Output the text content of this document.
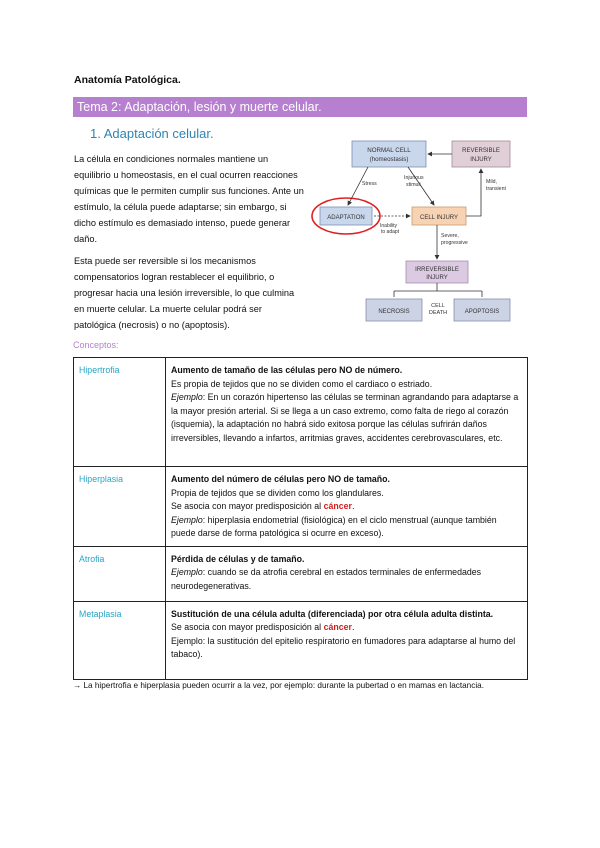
Anatomía Patológica.
Tema 2: Adaptación, lesión y muerte celular.
1. Adaptación celular.

La célula en condiciones normales mantiene un equilibrio u homeostasis, en el cual ocurren reacciones químicas que le permiten cumplir sus funciones. Ante un estímulo, la célula puede adaptarse; sin embargo, si dicho estímulo es demasiado intenso, puede generar daño.

Esta puede ser reversible si los mecanismos compensatorios logran restablecer el equilibrio, o progresar hacia una lesión irreversible, lo que culmina en muerte celular. La muerte celular podrá ser patológica (necrosis) o no (apoptosis).

NORMAL CELL
(homeostasis)
REVERSIBLE
INJURY
ADAPTATION	CELL INJURY
IRREVERSIBLE
INJURY
NECROSIS	APOPTOSIS
CELL
DEATH
Stress
Injurious
stimuli
Inability
to adapt
Mild,
transient
Severe,
progressive
Conceptos:
Hipertrofia	Aumento de tamaño de las células pero NO de número.
Es propia de tejidos que no se dividen como el cardiaco o estriado.
Ejemplo: En un corazón hipertenso las células se terminan agrandando para adaptarse a la mayor presión arterial. Si se llega a un caso extremo, como falta de riego al corazón (isquemia), la adaptación no habrá sido exitosa porque las células sufrirán daños irreversibles, llevando a infartos, arritmias graves, accidentes cerebrovasculares, etc.

Hiperplasia	Aumento del número de células pero NO de tamaño.
Propia de tejidos que se dividen como los glandulares.
Se asocia con mayor predisposición al cáncer.
Ejemplo: hiperplasia endometrial (fisiológica) en el ciclo menstrual (aunque también puede darse de forma patológica si ocurre en exceso).

Atrofia	Pérdida de células y de tamaño.
Ejemplo: cuando se da atrofia cerebral en estados terminales de enfermedades neurodegenerativas.

Metaplasia	Sustitución de una célula adulta (diferenciada) por otra célula adulta distinta.
Se asocia con mayor predisposición al cáncer.
Ejemplo: la sustitución del epitelio respiratorio en fumadores para adaptarse al humo del tabaco).
→ La hipertrofia e hiperplasia pueden ocurrir a la vez, por ejemplo: durante la pubertad o en mamas en lactancia.
